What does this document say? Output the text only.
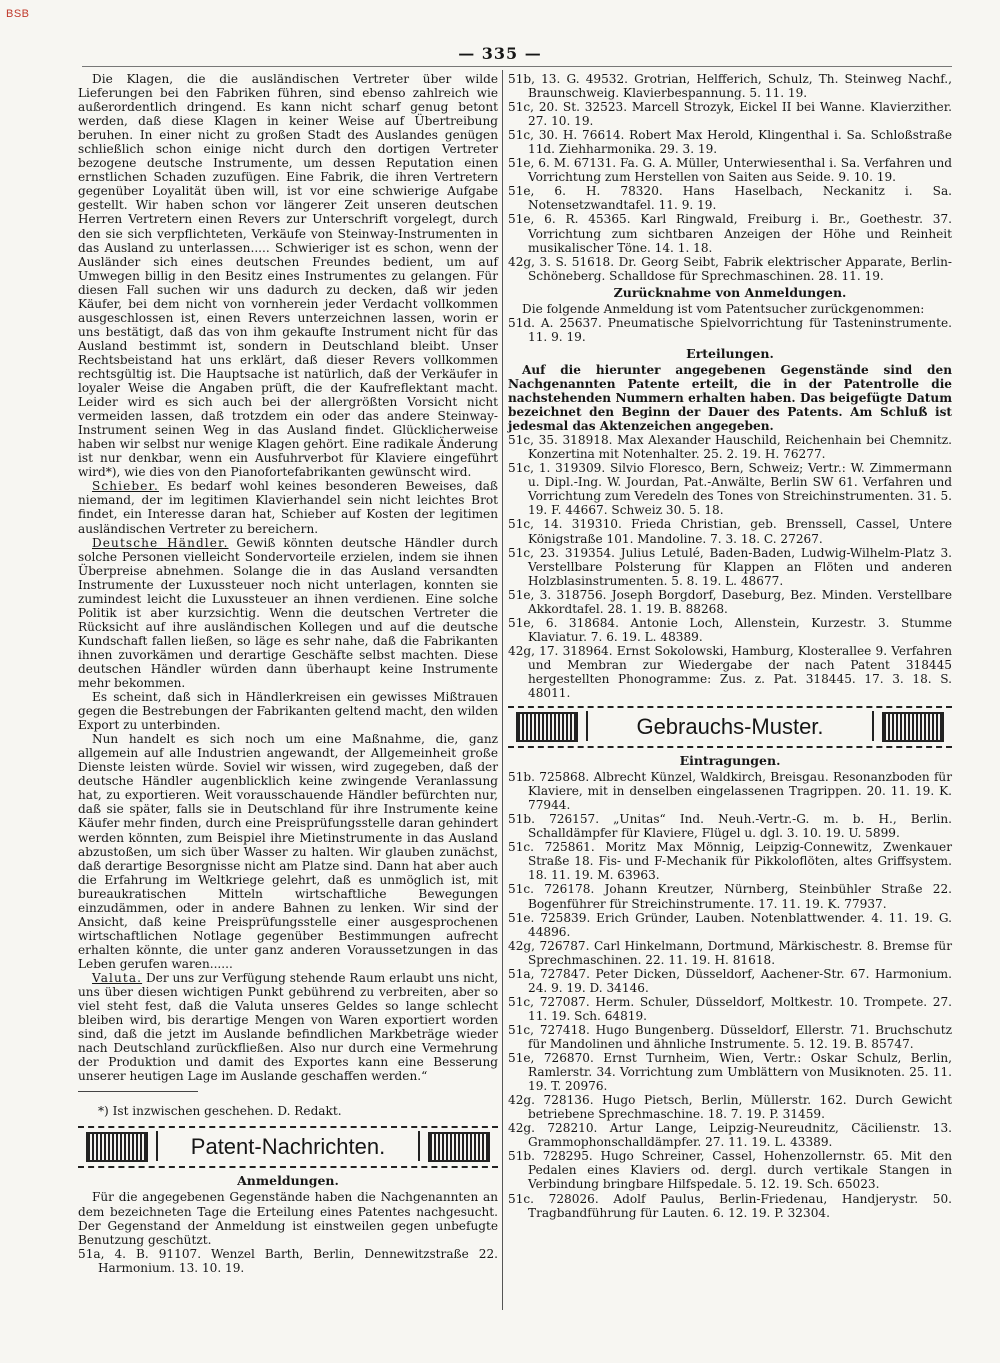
BSB
— 335 —

Die Klagen, die die ausländischen Vertreter über wilde Lieferungen bei den Fabriken führen, sind ebenso zahlreich wie außerordentlich dringend. Es kann nicht scharf genug betont werden, daß diese Klagen in keiner Weise auf Übertreibung beruhen. In einer nicht zu großen Stadt des Auslandes genügen schließlich schon einige nicht durch den dortigen Vertreter bezogene deutsche Instrumente, um dessen Reputation einen ernstlichen Schaden zuzufügen. Eine Fabrik, die ihren Vertretern gegenüber Loyalität üben will, ist vor eine schwierige Aufgabe gestellt. Wir haben schon vor längerer Zeit unseren deutschen Herren Vertretern einen Revers zur Unterschrift vorgelegt, durch den sie sich verpflichteten, Verkäufe von Steinway-Instrumenten in das Ausland zu unterlassen..... Schwieriger ist es schon, wenn der Ausländer sich eines deutschen Freundes bedient, um auf Umwegen billig in den Besitz eines Instrumentes zu gelangen. Für diesen Fall suchen wir uns dadurch zu decken, daß wir jeden Käufer, bei dem nicht von vornherein jeder Verdacht vollkommen ausgeschlossen ist, einen Revers unterzeichnen lassen, worin er uns bestätigt, daß das von ihm gekaufte Instrument nicht für das Ausland bestimmt ist, sondern in Deutschland bleibt. Unser Rechtsbeistand hat uns erklärt, daß dieser Revers vollkommen rechtsgültig ist. Die Hauptsache ist natürlich, daß der Verkäufer in loyaler Weise die Angaben prüft, die der Kaufreflektant macht. Leider wird es sich auch bei der allergrößten Vorsicht nicht vermeiden lassen, daß trotzdem ein oder das andere Steinway-Instrument seinen Weg in das Ausland findet. Glücklicherweise haben wir selbst nur wenige Klagen gehört. Eine radikale Änderung ist nur denkbar, wenn ein Ausfuhrverbot für Klaviere eingeführt wird*), wie dies von den Pianofortefabrikanten gewünscht wird.

Schieber. Es bedarf wohl keines besonderen Beweises, daß niemand, der im legitimen Klavierhandel sein nicht leichtes Brot findet, ein Interesse daran hat, Schieber auf Kosten der legitimen ausländischen Vertreter zu bereichern.

Deutsche Händler. Gewiß könnten deutsche Händler durch solche Personen vielleicht Sondervorteile erzielen, indem sie ihnen Überpreise abnehmen. Solange die in das Ausland versandten Instrumente der Luxussteuer noch nicht unterlagen, konnten sie zumindest leicht die Luxussteuer an ihnen verdienen. Eine solche Politik ist aber kurzsichtig. Wenn die deutschen Vertreter die Rücksicht auf ihre ausländischen Kollegen und auf die deutsche Kundschaft fallen ließen, so läge es sehr nahe, daß die Fabrikanten ihnen zuvorkämen und derartige Geschäfte selbst machten. Diese deutschen Händler würden dann überhaupt keine Instrumente mehr bekommen.

Es scheint, daß sich in Händlerkreisen ein gewisses Mißtrauen gegen die Bestrebungen der Fabrikanten geltend macht, den wilden Export zu unterbinden.

Nun handelt es sich noch um eine Maßnahme, die, ganz allgemein auf alle Industrien angewandt, der Allgemeinheit große Dienste leisten würde. Soviel wir wissen, wird zugegeben, daß der deutsche Händler augenblicklich keine zwingende Veranlassung hat, zu exportieren. Weit vorausschauende Händler befürchten nur, daß sie später, falls sie in Deutschland für ihre Instrumente keine Käufer mehr finden, durch eine Preisprüfungsstelle daran gehindert werden könnten, zum Beispiel ihre Mietinstrumente in das Ausland abzustoßen, um sich über Wasser zu halten. Wir glauben zunächst, daß derartige Besorgnisse nicht am Platze sind. Dann hat aber auch die Erfahrung im Weltkriege gelehrt, daß es unmöglich ist, mit bureaukratischen Mitteln wirtschaftliche Bewegungen einzudämmen, oder in andere Bahnen zu lenken. Wir sind der Ansicht, daß keine Preisprüfungsstelle einer ausgesprochenen wirtschaftlichen Notlage gegenüber Bestimmungen aufrecht erhalten könnte, die unter ganz anderen Voraussetzungen in das Leben gerufen waren......

Valuta. Der uns zur Verfügung stehende Raum erlaubt uns nicht, uns über diesen wichtigen Punkt gebührend zu verbreiten, aber so viel steht fest, daß die Valuta unseres Geldes so lange schlecht bleiben wird, bis derartige Mengen von Waren exportiert worden sind, daß die jetzt im Auslande befindlichen Markbeträge wieder nach Deutschland zurückfließen. Also nur durch eine Vermehrung der Produktion und damit des Exportes kann eine Besserung unserer heutigen Lage im Auslande geschaffen werden.“

*) Ist inzwischen geschehen. D. Redakt.

Patent-Nachrichten.
Anmeldungen.

Für die angegebenen Gegenstände haben die Nachgenannten an dem bezeichneten Tage die Erteilung eines Patentes nachgesucht. Der Gegenstand der Anmeldung ist einstweilen gegen unbefugte Benutzung geschützt.

51a, 4. B. 91107. Wenzel Barth, Berlin, Dennewitzstraße 22. Harmonium. 13. 10. 19.

51b, 13. G. 49532. Grotrian, Helfferich, Schulz, Th. Steinweg Nachf., Braunschweig. Klavierbespannung. 5. 11. 19.

51c, 20. St. 32523. Marcell Strozyk, Eickel II bei Wanne. Klavierzither. 27. 10. 19.

51c, 30. H. 76614. Robert Max Herold, Klingenthal i. Sa. Schloßstraße 11d. Ziehharmonika. 29. 3. 19.

51e, 6. M. 67131. Fa. G. A. Müller, Unterwiesenthal i. Sa. Verfahren und Vorrichtung zum Herstellen von Saiten aus Seide. 9. 10. 19.

51e, 6. H. 78320. Hans Haselbach, Neckanitz i. Sa. Notensetzwandtafel. 11. 9. 19.

51e, 6. R. 45365. Karl Ringwald, Freiburg i. Br., Goethestr. 37. Vorrichtung zum sichtbaren Anzeigen der Höhe und Reinheit musikalischer Töne. 14. 1. 18.

42g, 3. S. 51618. Dr. Georg Seibt, Fabrik elektrischer Apparate, Berlin-Schöneberg. Schalldose für Sprechmaschinen. 28. 11. 19.

Zurücknahme von Anmeldungen.

Die folgende Anmeldung ist vom Patentsucher zurückgenommen:

51d. A. 25637. Pneumatische Spielvorrichtung für Tasteninstrumente. 11. 9. 19.

Erteilungen.

Auf die hierunter angegebenen Gegenstände sind den Nachgenannten Patente erteilt, die in der Patentrolle die nachstehenden Nummern erhalten haben. Das beigefügte Datum bezeichnet den Beginn der Dauer des Patents. Am Schluß ist jedesmal das Aktenzeichen angegeben.

51c, 35. 318918. Max Alexander Hauschild, Reichenhain bei Chemnitz. Konzertina mit Notenhalter. 25. 2. 19. H. 76277.

51c, 1. 319309. Silvio Floresco, Bern, Schweiz; Vertr.: W. Zimmermann u. Dipl.-Ing. W. Jourdan, Pat.-Anwälte, Berlin SW 61. Verfahren und Vorrichtung zum Veredeln des Tones von Streichinstrumenten. 31. 5. 19. F. 44667. Schweiz 30. 5. 18.

51c, 14. 319310. Frieda Christian, geb. Brenssell, Cassel, Untere Königstraße 101. Mandoline. 7. 3. 18. C. 27267.

51c, 23. 319354. Julius Letulé, Baden-Baden, Ludwig-Wilhelm-Platz 3. Verstellbare Polsterung für Klappen an Flöten und anderen Holzblasinstrumenten. 5. 8. 19. L. 48677.

51e, 3. 318756. Joseph Borgdorf, Daseburg, Bez. Minden. Verstellbare Akkordtafel. 28. 1. 19. B. 88268.

51e, 6. 318684. Antonie Loch, Allenstein, Kurzestr. 3. Stumme Klaviatur. 7. 6. 19. L. 48389.

42g, 17. 318964. Ernst Sokolowski, Hamburg, Klosterallee 9. Verfahren und Membran zur Wiedergabe der nach Patent 318445 hergestellten Phonogramme: Zus. z. Pat. 318445. 17. 3. 18. S. 48011.

Gebrauchs-Muster.
Eintragungen.

51b. 725868. Albrecht Künzel, Waldkirch, Breisgau. Resonanzboden für Klaviere, mit in denselben eingelassenen Tragrippen. 20. 11. 19. K. 77944.

51b. 726157. „Unitas“ Ind. Neuh.-Vertr.-G. m. b. H., Berlin. Schalldämpfer für Klaviere, Flügel u. dgl. 3. 10. 19. U. 5899.

51c. 725861. Moritz Max Mönnig, Leipzig-Connewitz, Zwenkauer Straße 18. Fis- und F-Mechanik für Pikkoloflöten, altes Griffsystem. 18. 11. 19. M. 63963.

51c. 726178. Johann Kreutzer, Nürnberg, Steinbühler Straße 22. Bogenführer für Streichinstrumente. 17. 11. 19. K. 77937.

51e. 725839. Erich Gründer, Lauben. Notenblattwender. 4. 11. 19. G. 44896.

42g, 726787. Carl Hinkelmann, Dortmund, Märkischestr. 8. Bremse für Sprechmaschinen. 22. 11. 19. H. 81618.

51a, 727847. Peter Dicken, Düsseldorf, Aachener-Str. 67. Harmonium. 24. 9. 19. D. 34146.

51c, 727087. Herm. Schuler, Düsseldorf, Moltkestr. 10. Trompete. 27. 11. 19. Sch. 64819.

51c, 727418. Hugo Bungenberg. Düsseldorf, Ellerstr. 71. Bruchschutz für Mandolinen und ähnliche Instrumente. 5. 12. 19. B. 85747.

51e, 726870. Ernst Turnheim, Wien, Vertr.: Oskar Schulz, Berlin, Ramlerstr. 34. Vorrichtung zum Umblättern von Musiknoten. 25. 11. 19. T. 20976.

42g. 728136. Hugo Pietsch, Berlin, Müllerstr. 162. Durch Gewicht betriebene Sprechmaschine. 18. 7. 19. P. 31459.

42g. 728210. Artur Lange, Leipzig-Neureudnitz, Cäcilienstr. 13. Grammophonschalldämpfer. 27. 11. 19. L. 43389.

51b. 728295. Hugo Schreiner, Cassel, Hohenzollernstr. 65. Mit den Pedalen eines Klaviers od. dergl. durch vertikale Stangen in Verbindung bringbare Hilfspedale. 5. 12. 19. Sch. 65023.

51c. 728026. Adolf Paulus, Berlin-Friedenau, Handjerystr. 50. Tragbandführung für Lauten. 6. 12. 19. P. 32304.
